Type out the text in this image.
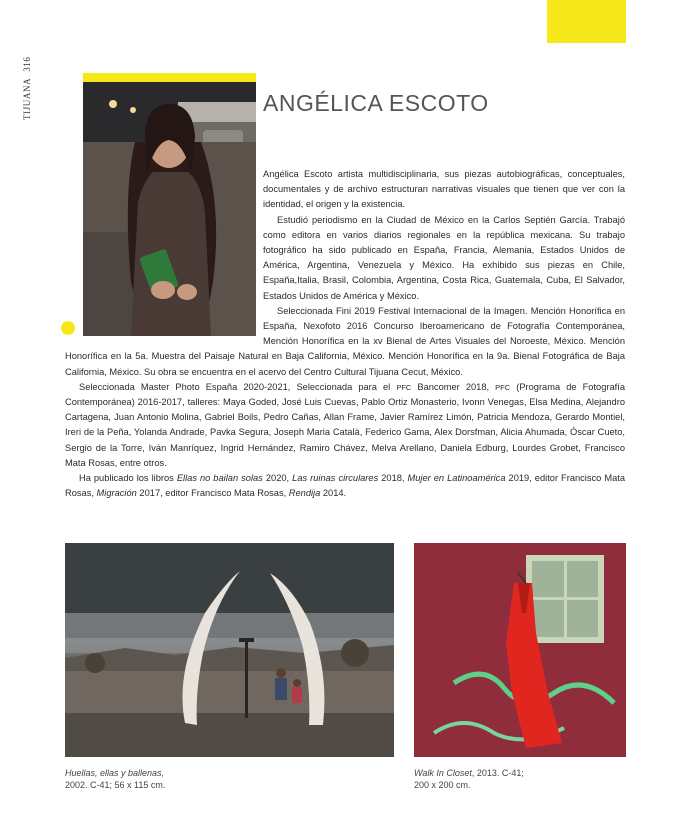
TIJUANA316
ANGÉLICA ESCOTO

Angélica Escoto artista multidisciplinaria, sus piezas autobiográficas, conceptuales, documentales y de archivo estructuran narrativas visuales que tienen que ver con la identidad, el origen y la existencia.

Estudió periodismo en la Ciudad de México en la Carlos Septién García. Trabajó como editora en varios diarios regionales en la república mexicana. Su trabajo fotográfico ha sido publicado en España, Francia, Alemania, Estados Unidos de América, Argentina, Venezuela y México. Ha exhibido sus piezas en Chile, España,Italia, Brasil, Colombia, Argentina, Costa Rica, Guatemala, Cuba, El Salvador, Estados Unidos de América y México.

Seleccionada Fini 2019 Festival Internacional de la Imagen. Mención Honorífica en España, Nexofoto 2016 Concurso Iberoamericano de Fotografía Contemporánea, Mención Honorífica en la xv Bienal de Artes Visuales del Noroeste, México. Mención Honorífica en la 5a. Muestra del Paisaje Natural en Baja California, México. Mención Honorífica en la 9a. Bienal Fotográfica de Baja California, México. Su obra se encuentra en el acervo del Centro Cultural Tijuana Cecut, México.

Seleccionada Master Photo España 2020-2021, Seleccionada para el PFC Bancomer 2018, PFC (Programa de Fotografía Contemporánea) 2016-2017, talleres: Maya Goded, José Luis Cuevas, Pablo Ortiz Monasterio, Ivonn Venegas, Elsa Medina, Alejandro Cartagena, Juan Antonio Molina, Gabriel Boils, Pedro Cañas, Allan Frame, Javier Ramírez Limón, Patricia Mendoza, Gerardo Montiel, Ireri de la Peña, Yolanda Andrade, Pavka Segura, Joseph Maria Català, Federico Gama, Alex Dorsfman, Alicia Ahumada, Óscar Cueto, Sergio de la Torre, Iván Manríquez, Ingrid Hernández, Ramiro Chávez, Melva Arellano, Daniela Edburg, Lourdes Grobet, Francisco Mata Rosas, entre otros.

Ha publicado los libros Ellas no bailan solas 2020, Las ruinas circulares 2018, Mujer en Latinoamérica 2019, editor Francisco Mata Rosas, Migración 2017, editor Francisco Mata Rosas, Rendija 2014.

Huellas, ellas y ballenas,
2002. C-41; 56 x 115 cm.
Walk In Closet, 2013. C-41;
200 x 200 cm.
